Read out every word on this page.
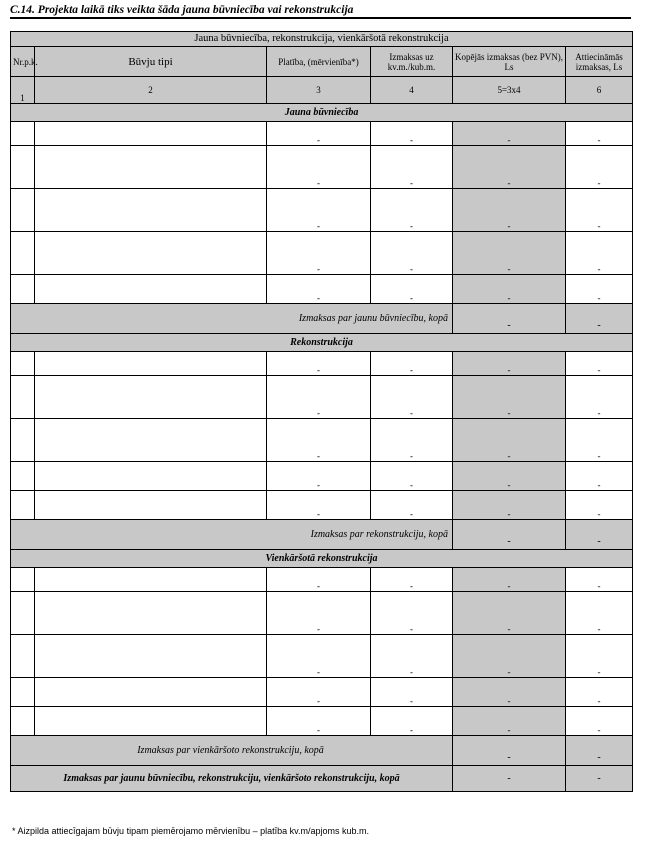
C.14. Projekta laikā tiks veikta šāda jauna būvniecība vai rekonstrukcija
Jauna būvniecība, rekonstrukcija, vienkāršotā rekonstrukcija					
Nr.p.k.	Būvju tipi	Platība, (mērvienība*)	Izmaksas uz kv.m./kub.m.	Kopējās izmaksas (bez PVN), Ls	Attiecināmās izmaksas, Ls
1	2	3	4	5=3x4	6
Jauna būvniecība					
		-	-	-	-
		-	-	-	-
		-	-	-	-
		-	-	-	-
		-	-	-	-
Izmaksas par jaunu būvniecību, kopā				-	-
Rekonstrukcija					
		-	-	-	-
		-	-	-	-
		-	-	-	-
		-	-	-	-
		-	-	-	-
Izmaksas par rekonstrukciju, kopā				-	-
Vienkāršotā rekonstrukcija					
		-	-	-	-
		-	-	-	-
		-	-	-	-
		-	-	-	-
		-	-	-	-
Izmaksas par vienkāršoto rekonstrukciju, kopā				-	-
Izmaksas par jaunu būvniecību, rekonstrukciju, vienkāršoto rekonstrukciju, kopā				-	-
* Aizpilda attiecīgajam būvju tipam piemērojamo mērvienību – platība kv.m/apjoms kub.m.
